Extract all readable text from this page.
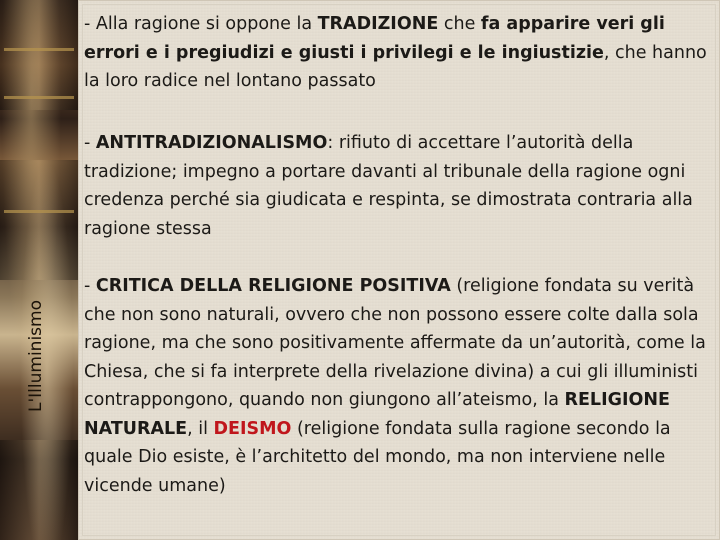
L'Illuminismo
- Alla ragione si oppone la TRADIZIONE che fa apparire veri gli errori e i pregiudizi e giusti i privilegi e le ingiustizie, che hanno la loro radice nel lontano passato
- ANTITRADIZIONALISMO: rifiuto di accettare l’autorità della tradizione; impegno a portare davanti al tribunale della ragione ogni credenza perché sia giudicata e respinta, se dimostrata contraria alla ragione stessa
- CRITICA DELLA RELIGIONE POSITIVA (religione fondata su verità che non sono naturali, ovvero che non possono essere colte dalla sola ragione, ma che sono positivamente affermate da un’autorità, come la Chiesa, che si fa interprete della rivelazione divina) a cui gli illuministi contrappongono, quando non giungono all’ateismo, la RELIGIONE NATURALE, il DEISMO (religione fondata sulla ragione secondo la quale Dio esiste, è l’architetto del mondo, ma non interviene nelle vicende umane)
